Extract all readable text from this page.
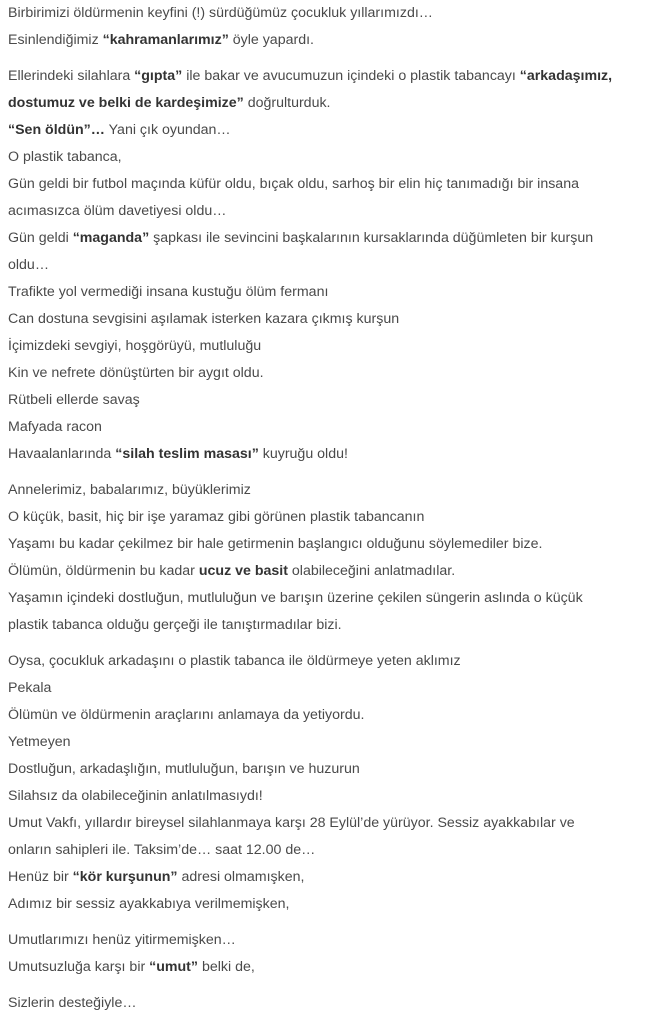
Birbirimizi öldürmenin keyfini (!) sürdüğümüz çocukluk yıllarımızdı…
Esinlendiğimiz “kahramanlarımız” öyle yapardı.
Ellerindeki silahlara “gıpta” ile bakar ve avucumuzun içindeki o plastik tabancayı “arkadaşımız,
dostumuz ve belki de kardeşimize” doğrulturduk.
“Sen öldün”… Yani çık oyundan…
O plastik tabanca,
Gün geldi bir futbol maçında küfür oldu, bıçak oldu, sarhoş bir elin hiç tanımadığı bir insana
acımasızca ölüm davetiyesi oldu…
Gün geldi “maganda” şapkası ile sevincini başkalarının kursaklarında düğümleten bir kurşun
oldu…
Trafikte yol vermediği insana kustuğu ölüm fermanı
Can dostuna sevgisini aşılamak isterken kazara çıkmış kurşun
İçimizdeki sevgiyi, hoşgörüyü, mutluluğu
Kin ve nefrete dönüştürten bir aygıt oldu.
Rütbeli ellerde savaş
Mafyada racon
Havaalanlarında “silah teslim masası” kuyruğu oldu!
Annelerimiz, babalarımız, büyüklerimiz
O küçük, basit, hiç bir işe yaramaz gibi görünen plastik tabancanın
Yaşamı bu kadar çekilmez bir hale getirmenin başlangıcı olduğunu söylemediler bize.
Ölümün, öldürmenin bu kadar ucuz ve basit olabileceğini anlatmadılar.
Yaşamın içindeki dostluğun, mutluluğun ve barışın üzerine çekilen süngerin aslında o küçük
plastik tabanca olduğu gerçeği ile tanıştırmadılar bizi.
Oysa, çocukluk arkadaşını o plastik tabanca ile öldürmeye yeten aklımız
Pekala
Ölümün ve öldürmenin araçlarını anlamaya da yetiyordu.
Yetmeyen
Dostluğun, arkadaşlığın, mutluluğun, barışın ve huzurun
Silahsız da olabileceğinin anlatılmasıydı!
Umut Vakfı, yıllardır bireysel silahlanmaya karşı 28 Eylül’de yürüyor. Sessiz ayakkabılar ve
onların sahipleri ile. Taksim’de… saat 12.00 de…
Henüz bir “kör kurşunun” adresi olmamışken,
Adımız bir sessiz ayakkabıya verilmemişken,
Umutlarımızı henüz yitirmemişken…
Umutsuzluğa karşı bir “umut” belki de,
Sizlerin desteğiyle…
